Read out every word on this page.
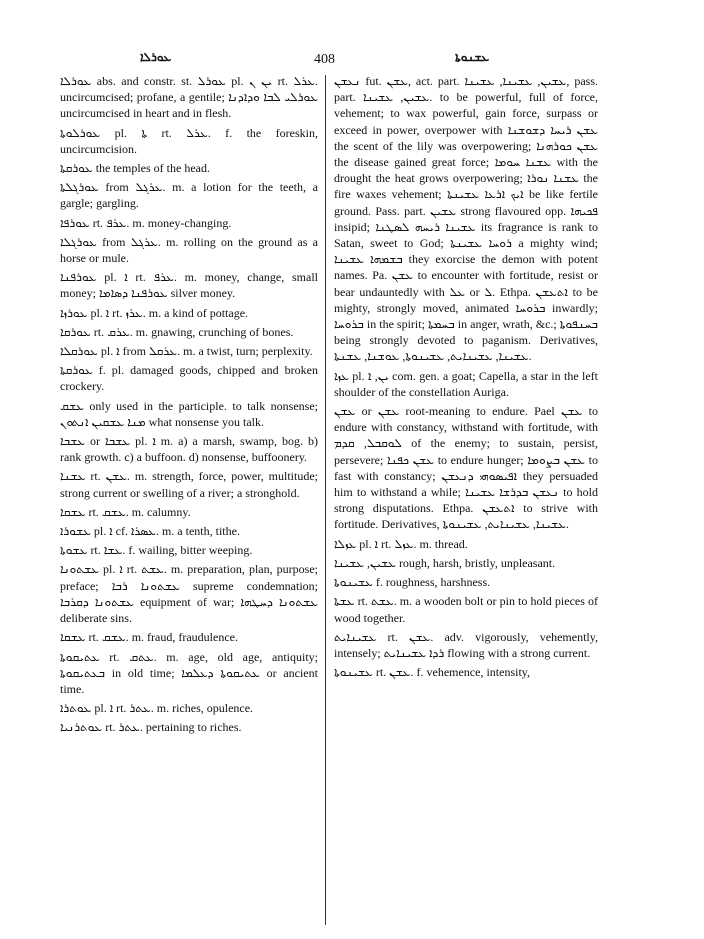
ܥܘܪܠܐ	408	ܥܫܢܘܬܐ

ܥܘܪܠܐ abs. and constr. st. ܥܘܪܠ pl. ܝܢ ܢ rt. ܥܪܠ. uncircumcised; profane, a gentile; ܥܘܪܠܝ ܠܒܐ ܘܕܐܕܢܐ uncircumcised in heart and in flesh.

ܥܘܪܠܘܬܐ pl. ܬܐ rt. ܥܪܠ. f. the foreskin, uncircumcision.

ܥܘܪܩܬܐ the temples of the head.

ܥܘܪܓܠܬܐ from ܥܪܓܠ. m. a lotion for the teeth, a gargle; gargling.

ܥܘܪܦܐ rt. ܥܪܦ. m. money-changing.

ܥܘܪܓܠܐ from ܥܪܓܠ. m. rolling on the ground as a horse or mule.

ܥܘܪܦܢܐ pl. ܐ rt. ܥܪܦ. m. money, change, small money; ܥܘܪܦܢܐ ܕܣܐܡܐ silver money.

ܥܘܪܙܐ pl. ܐ rt. ܥܪܙ. m. a kind of pottage.

ܥܘܪܩܐ rt. ܥܪܩ. m. gnawing, crunching of bones.

ܥܘܪܩܠܐ pl. ܐ from ܥܪܩܠ. m. a twist, turn; perplexity.

ܥܘܪܩܬܐ f. pl. damaged goods, chipped and broken crockery.

ܥܫܩ only used in the participle. to talk nonsense; ܡܢܐ ܥܫܩܝܢ ܐܢܬܘܢ what nonsense you talk.

ܥܫܒܐ or ܥܫܒܐ pl. ܐ m. a) a marsh, swamp, bog. b) rank growth. c) a buffoon. d) nonsense, buffoonery.

ܥܫܢܐ rt. ܥܫܢ. m. strength, force, power, multitude; strong current or swelling of a river; a stronghold.

ܥܫܩܐ rt. ܥܫܩ. m. calumny.

ܥܫܘܪܐ pl. ܐ cf. ܥܣܪܐ. m. a tenth, tithe.

ܥܫܘܬܐ rt. ܥܫܐ. f. wailing, bitter weeping.

ܥܫܬܘܢܐ pl. ܐ rt. ܥܫܬ. m. preparation, plan, purpose; preface; ܥܫܬܘܢܐ ܪܒܐ supreme condemnation; ܥܫܬܘܢܐ ܕܩܪܒܐ equipment of war; ܥܫܬܘܢܐ ܕܚܛܗܐ deliberate sins.

ܥܫܩܐ rt. ܥܫܩ. m. fraud, fraudulence.

ܥܬܝܩܘܬܐ rt. ܥܬܩ. m. age, old age, antiquity; ܒܥܬܝܩܘܬܐ in old time; ܥܬܝܩܘܬܐ ܕܥܠܡܐ or ancient time.

ܥܘܬܪܐ pl. ܐ rt. ܥܬܪ. m. riches, opulence.

ܥܘܬܪܢܝܐ rt. ܥܬܪ. pertaining to riches.

ܢܥܫܢ fut. ܥܫܢ, act. part. ܥܫܝܢ, ܥܫܝܢܐ, ܥܫܝܢܐ, pass. part. ܥܫܝܢ, ܥܫܝܢܐ. to be powerful, full of force, vehement; to wax powerful, gain force, surpass or exceed in power, overpower with ܥܫܢ ܪܝܚܐ ܕܫܘܫܢܐ the scent of the lily was overpowering; ܥܫܢ ܟܘܪܗܢܐ the disease gained great force; ܥܫܢܐ ܚܘܡܐ with the drought the heat grows overpowering; ܥܫܢܐ ܢܘܪܐ the fire waxes vehement; ܐܝܟ ܐܪܥܐ ܥܫܝܢܬܐ be like fertile ground. Pass. part. ܥܫܝܢ strong flavoured opp. ܦܟܝܗܐ insipid; ܥܫܝܢܐ ܪܝܚܗ ܠܣܛܢܐ its fragrance is rank to Satan, sweet to God; ܪܘܚܐ ܥܫܝܢܬܐ a mighty wind; ܒܫܡܗܐ ܥܫܝܢܐ they exorcise the demon with potent names. Pa. ܥܫܢ to encounter with fortitude, resist or bear undauntedly with ܥܠ or ܠ. Ethpa. ܐܬܥܫܢ to be mighty, strongly moved, animated ܒܪܘܚܐ inwardly; ܒܪܘܚܐ in the spirit; ܒܚܡܬܐ in anger, wrath, &c.; ܒܚܢܦܘܬܐ being strongly devoted to paganism. Derivatives, ܥܫܝܢܐ, ܥܫܝܢܐܝܬ, ܥܫܝܢܘܬܐ, ܥܘܫܢܐ, ܥܫܢܬܐ.

ܥܙܐ pl. ܝܢ, ܐ com. gen. a goat; Capella, a star in the left shoulder of the constellation Auriga.

ܥܫܢ or ܥܫܢ root-meaning to endure. Pael ܥܫܢ to endure with constancy, withstand with fortitude, with ܠܘܩܒܠ, ܩܕܡ of the enemy; to sustain, persist, persevere; ܥܫܢ ܟܦܢܐ to endure hunger; ܥܫܢ ܒܨܘܡܐ to fast with constancy; ܐܦܝܣܘܗܝ ܕܢܥܫܢ they persuaded him to withstand a while; ܢܥܫܢ ܒܕܪܫܐ ܥܫܝܢܐ to hold strong disputations. Ethpa. ܐܬܥܫܢ to strive with fortitude. Derivatives, ܥܫܝܢܐ, ܥܫܝܢܐܝܬ, ܥܫܝܢܘܬܐ.

ܥܙܠܐ pl. ܐ rt. ܥܙܠ. m. thread.

ܥܫܝܢ, ܥܫܝܢܐ rough, harsh, bristly, unpleasant.

ܥܫܝܢܘܬܐ f. roughness, harshness.

ܥܫܬܐ rt. ܥܫܬ. m. a wooden bolt or pin to hold pieces of wood together.

ܥܫܝܢܐܝܬ rt. ܥܫܢ. adv. vigorously, vehemently, intensely; ܪܕܐ ܥܫܝܢܐܝܬ flowing with a strong current.

ܥܫܝܢܘܬܐ rt. ܥܫܢ. f. vehemence, intensity,
